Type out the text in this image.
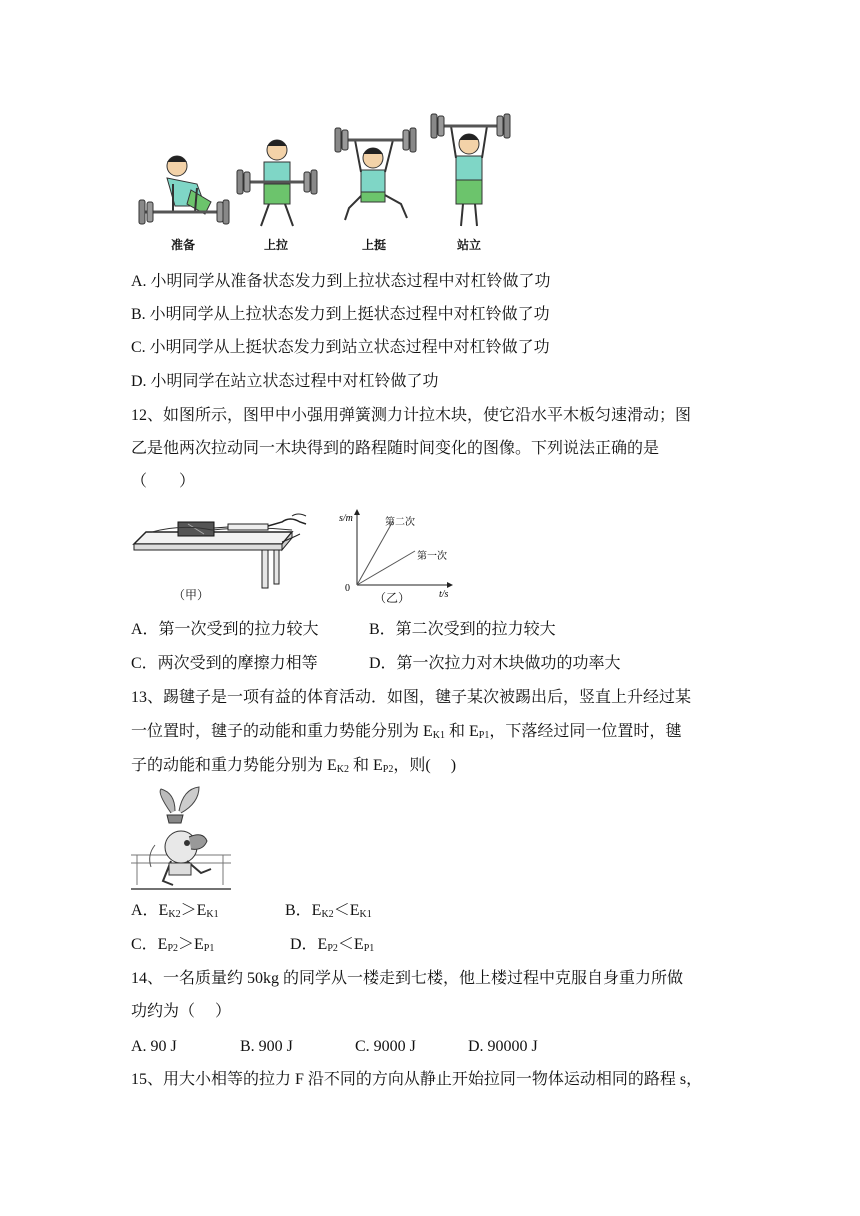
准备	上拉	上挺	站立
A. 小明同学从准备状态发力到上拉状态过程中对杠铃做了功
B. 小明同学从上拉状态发力到上挺状态过程中对杠铃做了功
C. 小明同学从上挺状态发力到站立状态过程中对杠铃做了功
D. 小明同学在站立状态过程中对杠铃做了功
12、如图所示，图甲中小强用弹簧测力计拉木块，使它沿水平木板匀速滑动；图
乙是他两次拉动同一木块得到的路程随时间变化的图像。下列说法正确的是
（　　）
（甲）
s/m
t/s
0
第二次
第一次
（乙）
A．第一次受到的拉力较大	B．第二次受到的拉力较大
C．两次受到的摩擦力相等	D．第一次拉力对木块做功的功率大
13、踢毽子是一项有益的体育活动．如图，毽子某次被踢出后，竖直上升经过某
一位置时，毽子的动能和重力势能分别为 $E_{K1}$ 和 $E_{P1}$，下落经过同一位置时，毽
子的动能和重力势能分别为 $E_{K2}$ 和 $E_{P2}$，则(　 )
A．$E_{K2}>E_{K1}$	B．$E_{K2}<E_{K1}$
C．$E_{P2}>E_{P1}$	D．$E_{P2}<E_{P1}$
14、一名质量约 50kg 的同学从一楼走到七楼，他上楼过程中克服自身重力所做
功约为（　 ）
A. 90 J	B. 900 J	C. 9000 J	D. 90000 J
15、用大小相等的拉力 F 沿不同的方向从静止开始拉同一物体运动相同的路程 s，
